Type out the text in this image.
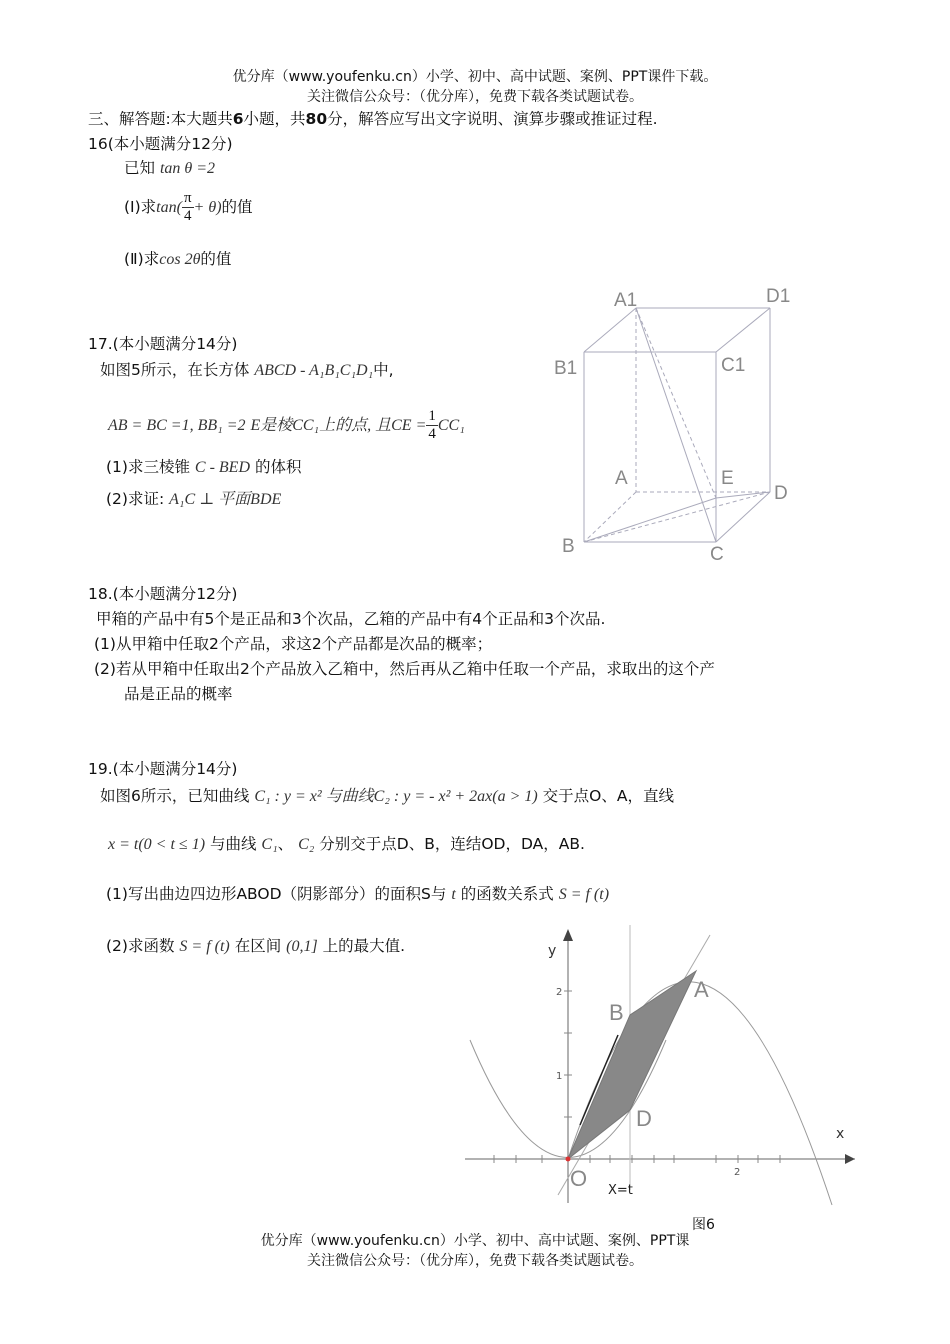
优分库（www.youfenku.cn）小学、初中、高中试题、案例、PPT课件下载。
关注微信公众号：（优分库），免费下载各类试题试卷。
三、解答题:本大题共6小题，共80分，解答应写出文字说明、演算步骤或推证过程.
16(本小题满分12分)
已知 tan θ =2
(Ⅰ)求$\tan( \frac{\pi}{4} + \theta)$的值
(Ⅱ)求cos 2θ的值
17.(本小题满分14分)
如图5所示，在长方体 ABCD - A₁B₁C₁D₁中,
AB = BC =1, BB₁ =2 E是棱CC₁上的点, 且CE = $\frac{1}{4} CC_1$
(1)求三棱锥 C - BED 的体积
(2)求证: A₁C ⊥ 平面BDE
A1	D1
B1	C1
A	E
D
B	C
18.(本小题满分12分)
甲箱的产品中有5个是正品和3个次品，乙箱的产品中有4个正品和3个次品.
(1)从甲箱中任取2个产品，求这2个产品都是次品的概率；
(2)若从甲箱中任取出2个产品放入乙箱中，然后再从乙箱中任取一个产品，求取出的这个产
品是正品的概率
19.(本小题满分14分)
如图6所示，已知曲线 C₁ : y = x² 与曲线C₂ : y = - x² + 2ax(a > 1) 交于点O、A，直线
x = t(0 < t ≤ 1) 与曲线 C₁、 C₂ 分别交于点D、B，连结OD，DA，AB.
(1)写出曲边四边形ABOD（阴影部分）的面积S与 t 的函数关系式 S = f (t)
(2)求函数 S = f (t) 在区间 (0,1] 上的最大值.	y
x
2
1
2
A
B
D
O X=t
图6
优分库（www.youfenku.cn）小学、初中、高中试题、案例、PPT课
关注微信公众号：（优分库），免费下载各类试题试卷。
